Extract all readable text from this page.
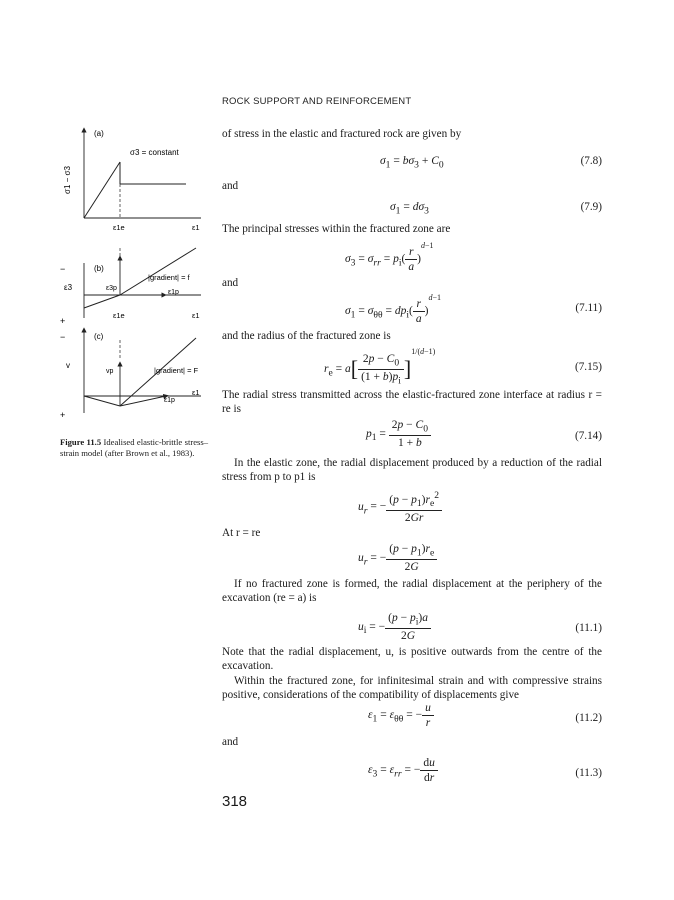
ROCK SUPPORT AND REINFORCEMENT
(a)
σ3 = constant
σ1 − σ3
ε1e	ε1
−
+
(b)
ε3	ε3p
ε1p
|gradient| = f
ε1e	ε1
−
+
(c)
v
vp
ε1p
|gradient| = F
ε1
Figure 11.5 Idealised elastic-brittle stress–strain model (after Brown et al., 1983).
of stress in the elastic and fractured rock are given by
$\sigma_1 = b\sigma_3 + C_0$	(7.8)
and
$\sigma_1 = d\sigma_3$	(7.9)
The principal stresses within the fractured zone are
$\sigma_3 = \sigma_{rr} = p_i( \frac{r}{a} )^{d-1}$
and
$\sigma_1 = \sigma_{\theta\theta} = dp_i( \frac{r}{a} )^{d-1}$
(7.11)
and the radius of the fractured zone is
$r_e = a[ \frac{2p - C_0}{(1 + b)p_i} ]^{1/(d-1)}$
(7.15)
The radial stress transmitted across the elastic-fractured zone interface at radius r = re is
$p_1 = \frac{2p - C_0}{1 + b}$	(7.14)
In the elastic zone, the radial displacement produced by a reduction of the radial stress from p to p1 is
$u_r$ = − $\frac{(p - p_1)r_e^2}{2Gr}$
At r = re
$u_r$ = − $\frac{(p - p_1)r_e}{2G}$
If no fractured zone is formed, the radial displacement at the periphery of the excavation (re = a) is
$u_i$ = − $\frac{(p - p_i)a}{2G}$	(11.1)
Note that the radial displacement, u, is positive outwards from the centre of the excavation.
Within the fractured zone, for infinitesimal strain and with compressive strains positive, considerations of the compatibility of displacements give
$\varepsilon_1 = \varepsilon_{\theta\theta}$ = − $\frac{u}{r}$	(11.2)
and
$\varepsilon_3 = \varepsilon_{rr}$ = − $\frac{du}{dr}$	(11.3)
318
